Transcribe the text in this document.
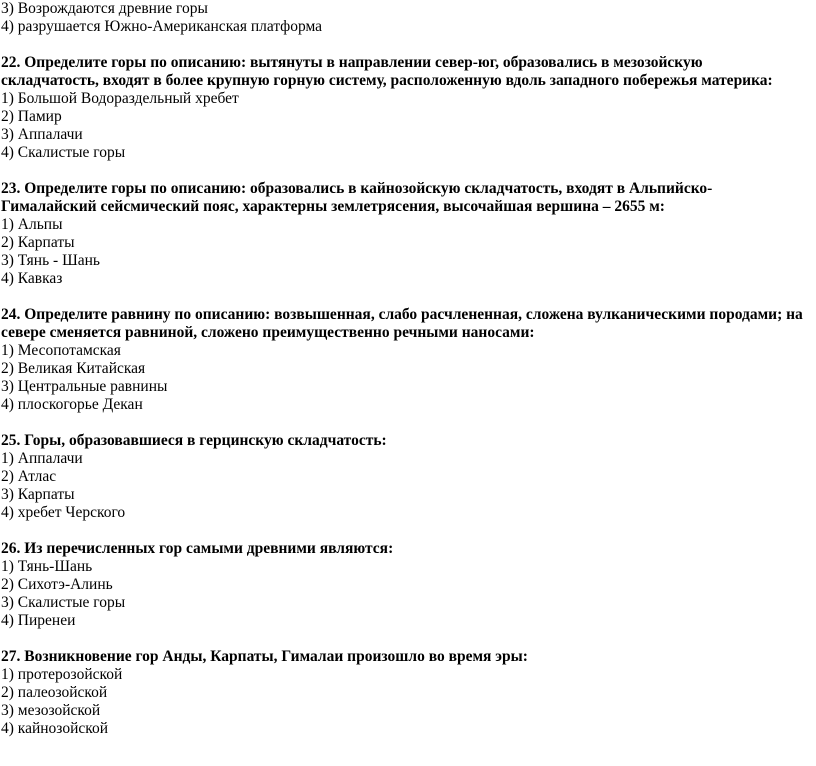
3) Возрождаются древние горы

4) разрушается Южно-Американская платформа

22. Определите горы по описанию: вытянуты в направлении север-юг, образовались в мезозойскую

складчатость, входят в более крупную горную систему, расположенную вдоль западного побережья материка:

1) Большой Водораздельный хребет

2) Памир

3) Аппалачи

4) Скалистые горы

23. Определите горы по описанию: образовались в кайнозойскую складчатость, входят в Альпийско-

Гималайский сейсмический пояс, характерны землетрясения, высочайшая вершина – 2655 м:

1) Альпы

2) Карпаты

3) Тянь - Шань

4) Кавказ

24. Определите равнину по описанию: возвышенная, слабо расчлененная, сложена вулканическими породами; на

севере сменяется равниной, сложено преимущественно речными наносами:

1) Месопотамская

2) Великая Китайская

3) Центральные равнины

4) плоскогорье Декан

25. Горы, образовавшиеся в герцинскую складчатость:

1) Аппалачи

2) Атлас

3) Карпаты

4) хребет Черского

26. Из перечисленных гор самыми древними являются:

1) Тянь-Шань

2) Сихотэ-Алинь

3) Скалистые горы

4) Пиренеи

27. Возникновение гор Анды, Карпаты, Гималаи произошло во время эры:

1) протерозойской

2) палеозойской

3) мезозойской

4) кайнозойской
